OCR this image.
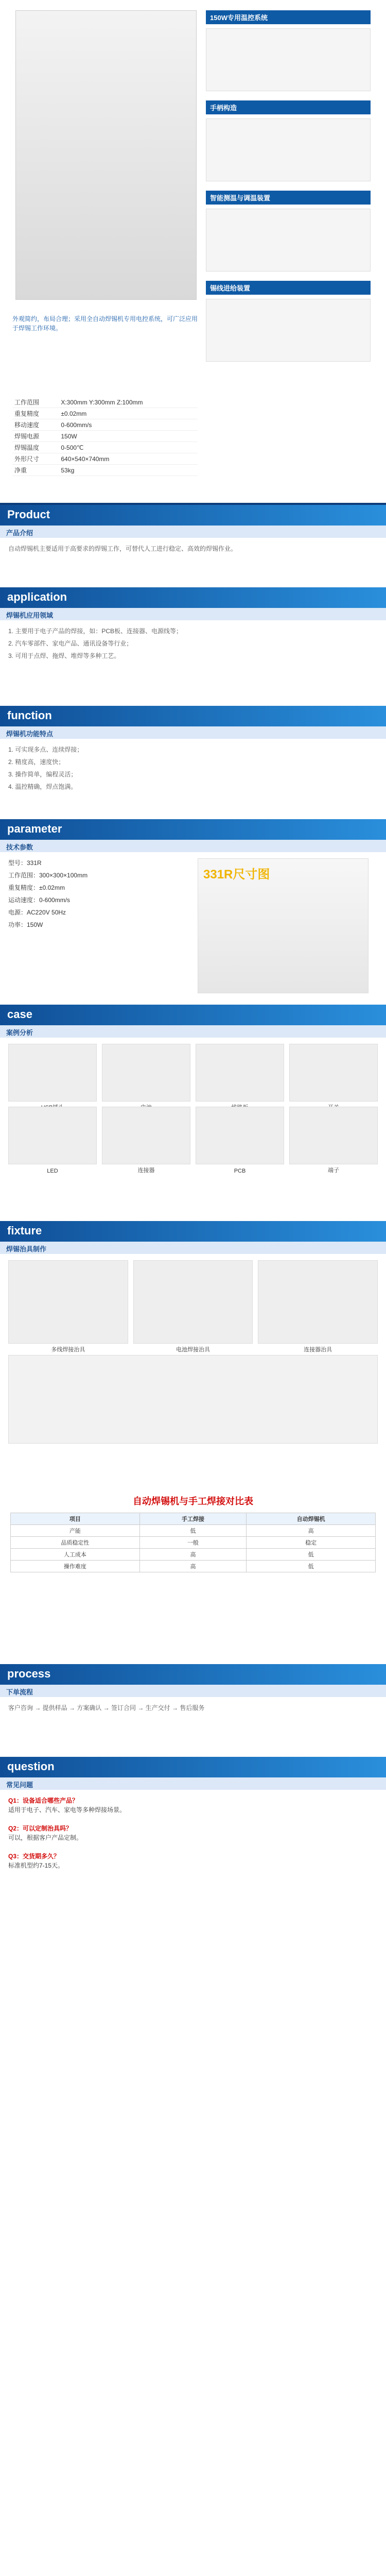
150W专用温控系统
手柄构造
智能测温与调温装置
锡线进给装置
外观简约，布局合理；采用全自动焊锡机专用电控系统，可广泛应用于焊锡工作环境。
工作范围	X:300mm Y:300mm Z:100mm
重复精度	±0.02mm
移动速度	0-600mm/s
焊锡电源	150W
焊锡温度	0-500℃
外形尺寸	640×540×740mm
净重	53kg
Product
产品介绍
自动焊锡机主要适用于高要求的焊锡工作，可替代人工进行稳定、高效的焊锡作业。
application
焊锡机应用领域
1. 主要用于电子产品的焊接，如：PCB板、连接器、电源线等；
2. 汽车零部件、家电产品、通讯设备等行业；
3. 可用于点焊、拖焊、堆焊等多种工艺。
function
焊锡机功能特点
1. 可实现多点、连续焊接；
2. 精度高，速度快；
3. 操作简单，编程灵活；
4. 温控精确，焊点饱满。
parameter
技术参数
型号：331R
工作范围：300×300×100mm
重复精度：±0.02mm
运动速度：0-600mm/s
电源：AC220V 50Hz
功率：150W
331R尺寸图
case
案例分析
LED	连接器	PCB	端子
fixture
焊锡治具制作
多线焊接治具	电池焊接治具	连接器治具
自动焊锡机与手工焊接对比表
项目	手工焊接	自动焊锡机
产能	低	高
品质稳定性	一般	稳定
人工成本	高	低
操作难度	高	低
process
下单流程
客户咨询 → 提供样品 → 方案确认 → 签订合同 → 生产交付 → 售后服务
question
常见问题
Q1：设备适合哪些产品？
适用于电子、汽车、家电等多种焊接场景。

Q2：可以定制治具吗？
可以，根据客户产品定制。

Q3：交货期多久？
标准机型约7-15天。
